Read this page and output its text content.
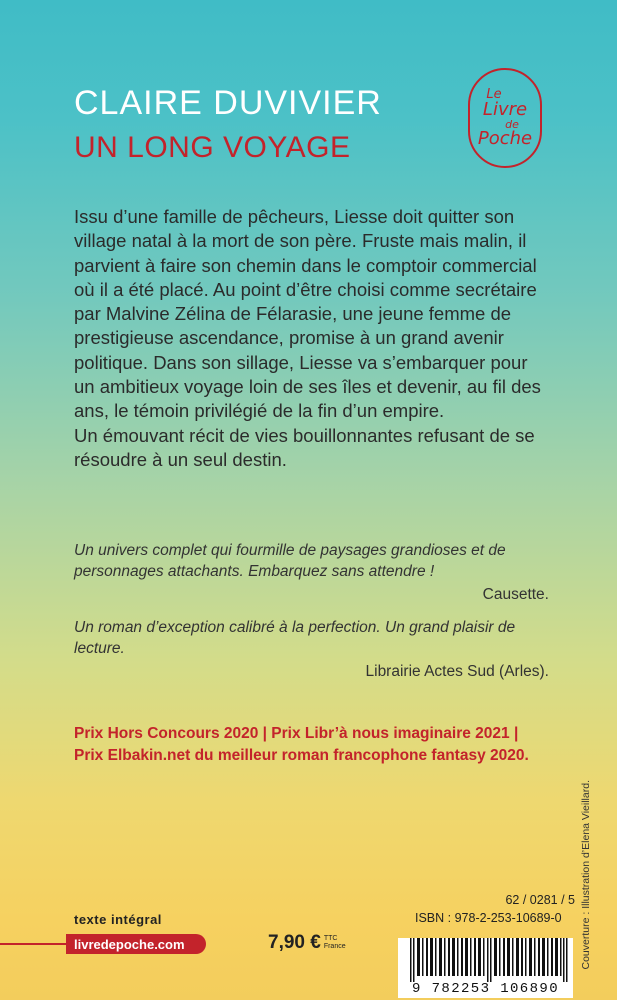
CLAIRE DUVIVIER
UN LONG VOYAGE
Le
Livre
de
Poche

Issu d’une famille de pêcheurs, Liesse doit quitter son village natal à la mort de son père. Fruste mais malin, il parvient à faire son chemin dans le comptoir commercial où il a été placé. Au point d’être choisi comme secrétaire par Malvine Zélina de Félarasie, une jeune femme de prestigieuse ascendance, promise à un grand avenir politique. Dans son sillage, Liesse va s’embarquer pour un ambitieux voyage loin de ses îles et devenir, au fil des ans, le témoin privilégié de la fin d’un empire.

Un émouvant récit de vies bouillonnantes refusant de se résoudre à un seul destin.

Un univers complet qui fourmille de paysages grandioses et de personnages attachants. Embarquez sans attendre !

Causette.

Un roman d’exception calibré à la perfection. Un grand plaisir de lecture.

Librairie Actes Sud (Arles).

Prix Hors Concours 2020 | Prix Libr’à nous imaginaire 2021 |
Prix Elbakin.net du meilleur roman francophone fantasy 2020.
Couverture : Illustration d’Elena Vieillard.
texte intégral
livredepoche.com	7,90 € TTC
France
62 / 0281 / 5
ISBN : 978-2-253-10689-0
9 782253 106890
